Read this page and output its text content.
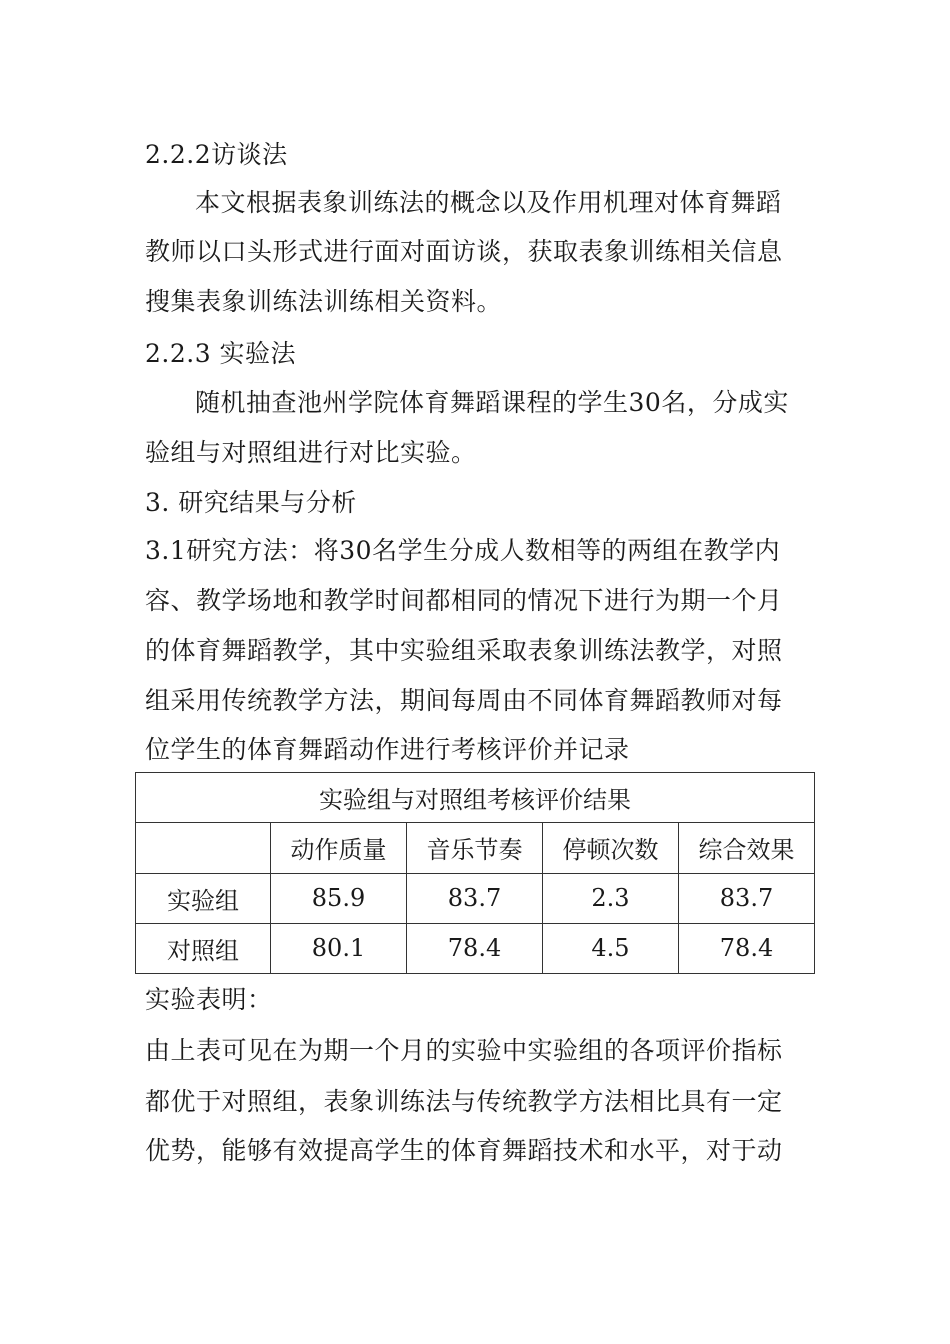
2.2.2访谈法
本文根据表象训练法的概念以及作用机理对体育舞蹈
教师以口头形式进行面对面访谈，获取表象训练相关信息
搜集表象训练法训练相关资料。
2.2.3 实验法
随机抽查池州学院体育舞蹈课程的学生30名，分成实
验组与对照组进行对比实验。
3. 研究结果与分析
3.1研究方法：将30名学生分成人数相等的两组在教学内
容、教学场地和教学时间都相同的情况下进行为期一个月
的体育舞蹈教学，其中实验组采取表象训练法教学，对照
组采用传统教学方法，期间每周由不同体育舞蹈教师对每
位学生的体育舞蹈动作进行考核评价并记录
实验表明：
由上表可见在为期一个月的实验中实验组的各项评价指标
都优于对照组，表象训练法与传统教学方法相比具有一定
优势，能够有效提高学生的体育舞蹈技术和水平，对于动
实验组与对照组考核评价结果				
	动作质量	音乐节奏	停顿次数	综合效果
实验组	85.9	83.7	2.3	83.7
对照组	80.1	78.4	4.5	78.4
